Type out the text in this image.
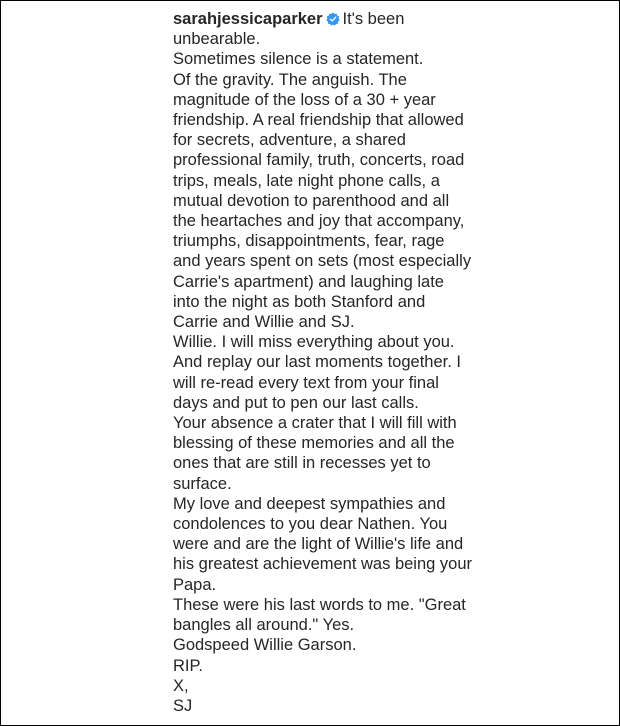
sarahjessicaparker It's been
unbearable.
Sometimes silence is a statement.
Of the gravity. The anguish. The
magnitude of the loss of a 30 + year
friendship. A real friendship that allowed
for secrets, adventure, a shared
professional family, truth, concerts, road
trips, meals, late night phone calls, a
mutual devotion to parenthood and all
the heartaches and joy that accompany,
triumphs, disappointments, fear, rage
and years spent on sets (most especially
Carrie's apartment) and laughing late
into the night as both Stanford and
Carrie and Willie and SJ.
Willie. I will miss everything about you.
And replay our last moments together. I
will re-read every text from your final
days and put to pen our last calls.
Your absence a crater that I will fill with
blessing of these memories and all the
ones that are still in recesses yet to
surface.
My love and deepest sympathies and
condolences to you dear Nathen. You
were and are the light of Willie's life and
his greatest achievement was being your
Papa.
These were his last words to me. "Great
bangles all around." Yes.
Godspeed Willie Garson.
RIP.
X,
SJ
